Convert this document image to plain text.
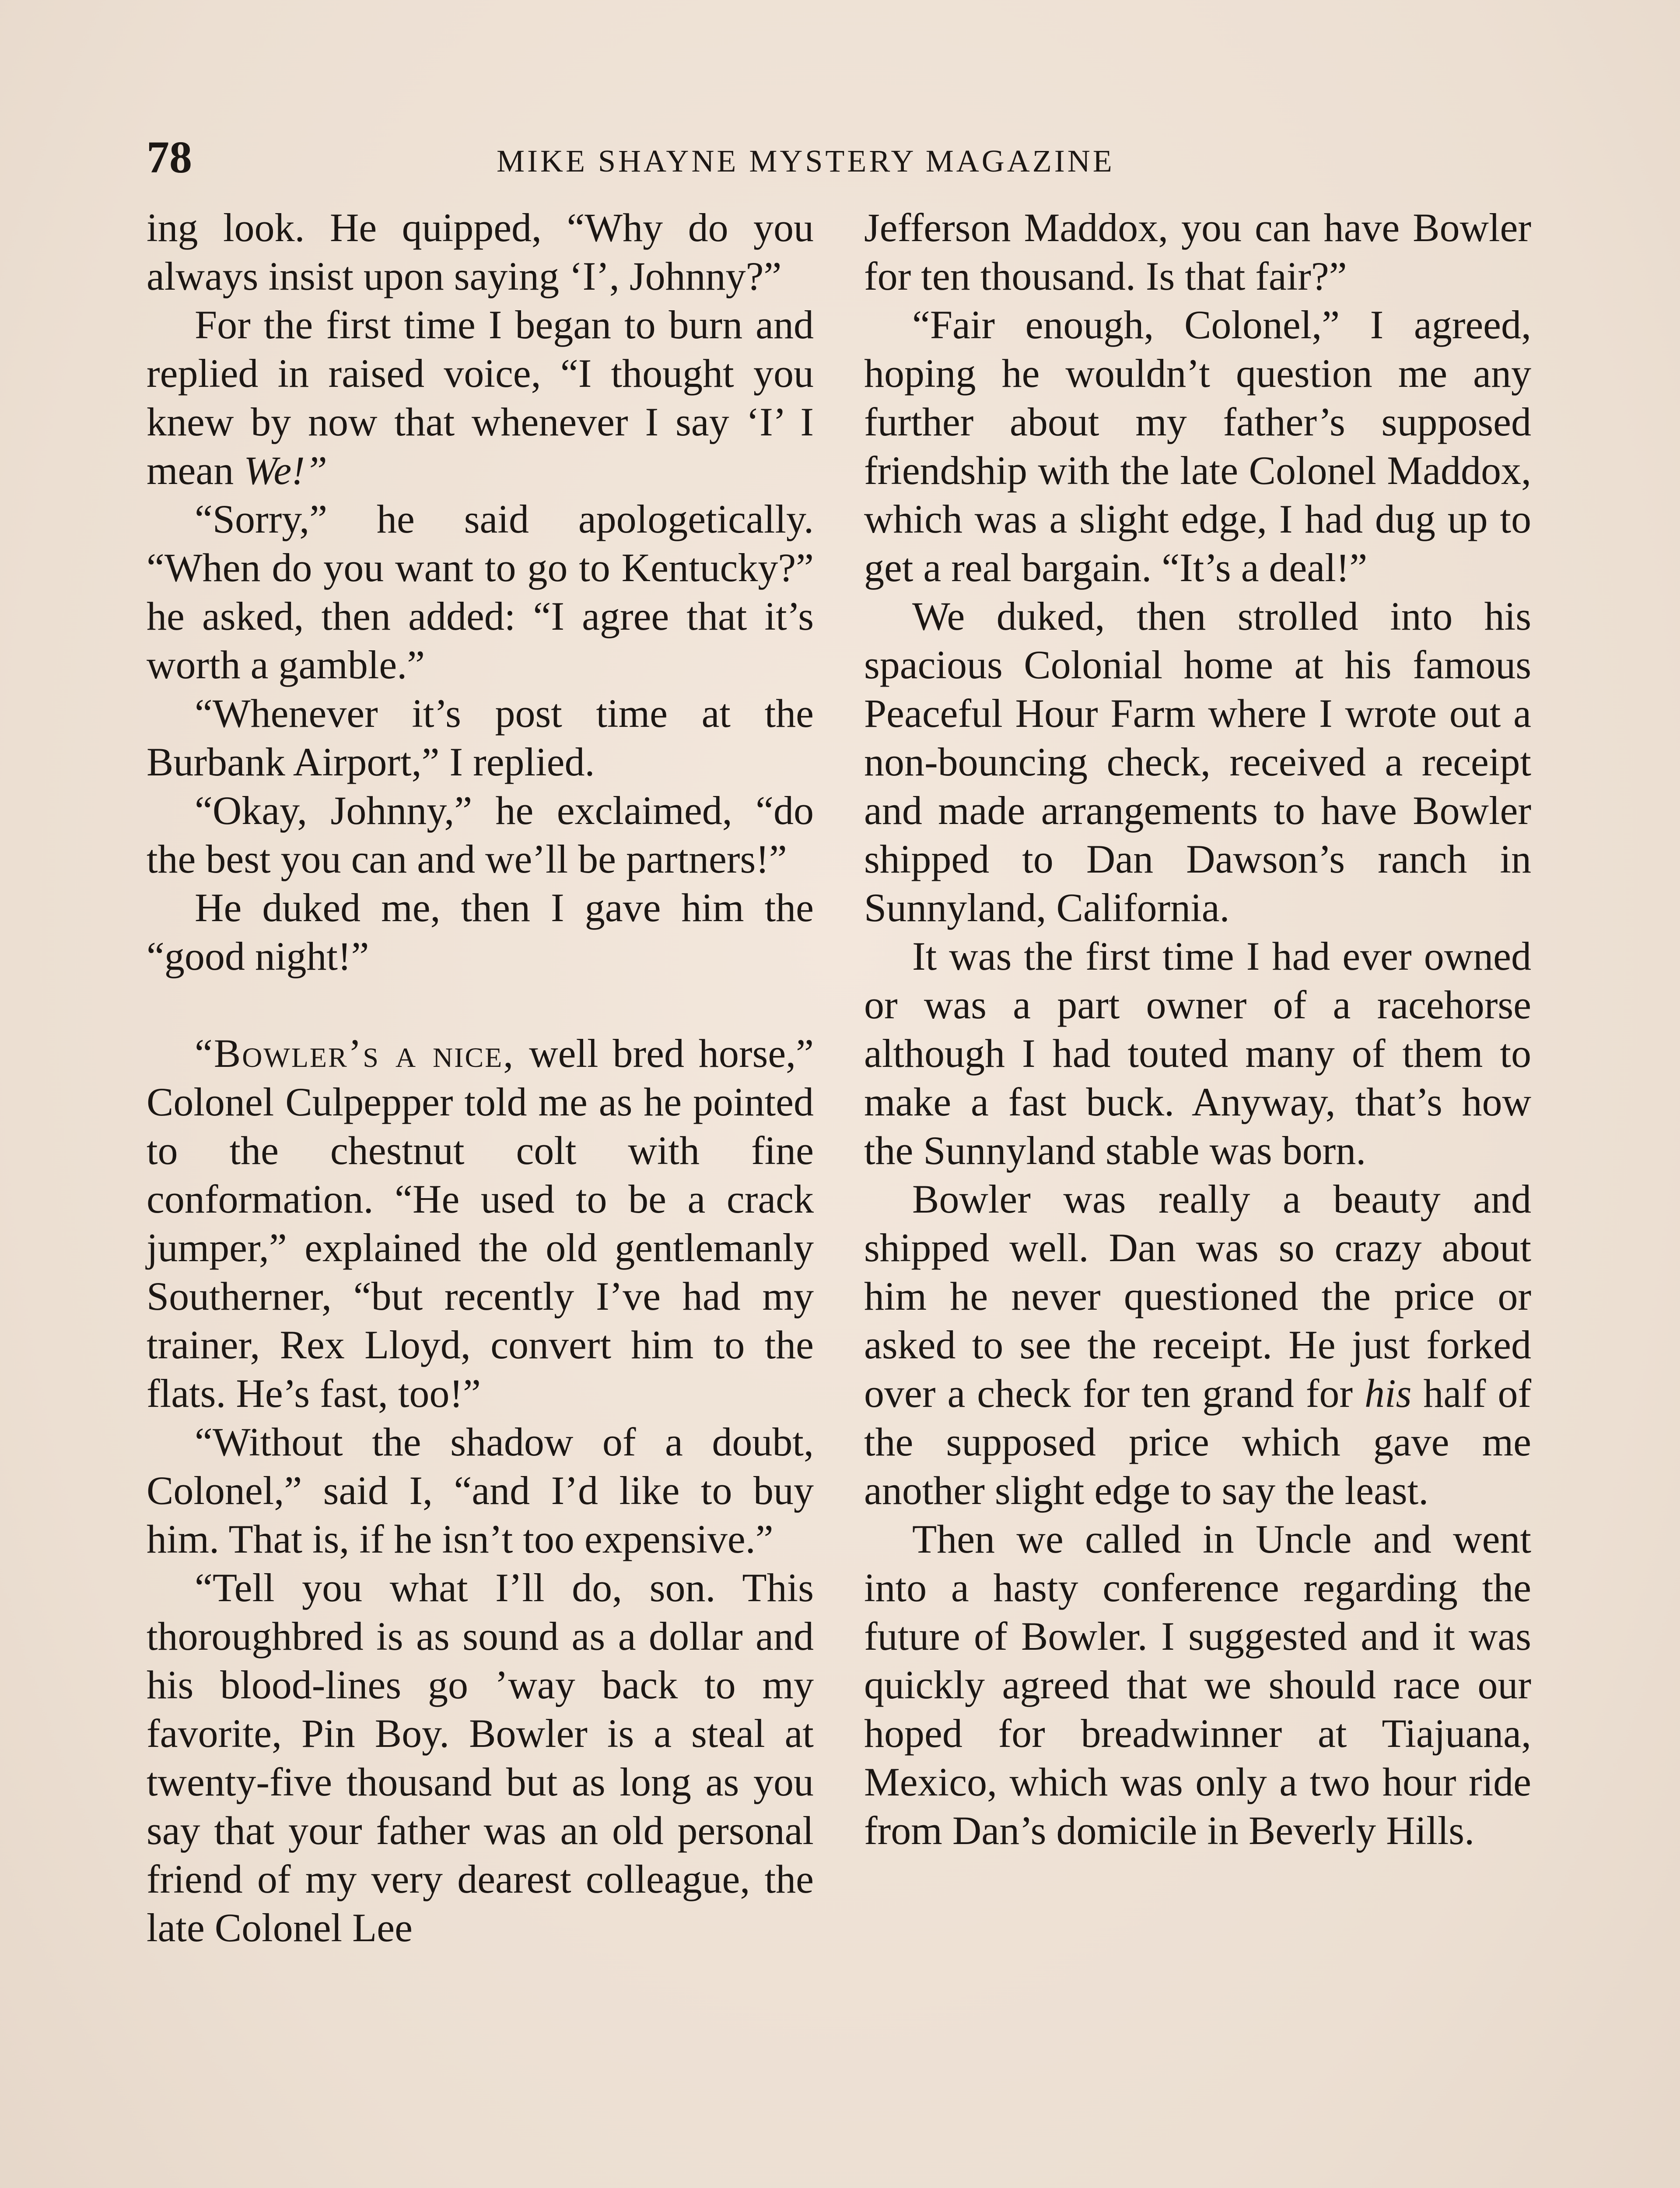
78	MIKE SHAYNE MYSTERY MAGAZINE

ing look. He quipped, “Why do you always insist upon saying ‘I’, Johnny?”

For the first time I began to burn and replied in raised voice, “I thought you knew by now that whenever I say ‘I’ I mean We!”

“Sorry,” he said apologetically. “When do you want to go to Kentucky?” he asked, then added: “I agree that it’s worth a gamble.”

“Whenever it’s post time at the Burbank Airport,” I replied.

“Okay, Johnny,” he exclaimed, “do the best you can and we’ll be partners!”

He duked me, then I gave him the “good night!”

“Bowler’s a nice, well bred horse,” Colonel Culpepper told me as he pointed to the chestnut colt with fine conformation. “He used to be a crack jumper,” explained the old gentlemanly Southerner, “but recently I’ve had my trainer, Rex Lloyd, convert him to the flats. He’s fast, too!”

“Without the shadow of a doubt, Colonel,” said I, “and I’d like to buy him. That is, if he isn’t too expensive.”

“Tell you what I’ll do, son. This thoroughbred is as sound as a dollar and his blood-lines go ’way back to my favorite, Pin Boy. Bowler is a steal at twenty-five thousand but as long as you say that your father was an old personal friend of my very dearest colleague, the late Colonel Lee

Jefferson Maddox, you can have Bowler for ten thousand. Is that fair?”

“Fair enough, Colonel,” I agreed, hoping he wouldn’t question me any further about my father’s supposed friendship with the late Colonel Maddox, which was a slight edge, I had dug up to get a real bargain. “It’s a deal!”

We duked, then strolled into his spacious Colonial home at his famous Peaceful Hour Farm where I wrote out a non-bouncing check, received a receipt and made arrangements to have Bowler shipped to Dan Dawson’s ranch in Sunnyland, California.

It was the first time I had ever owned or was a part owner of a racehorse although I had touted many of them to make a fast buck. Anyway, that’s how the Sunnyland stable was born.

Bowler was really a beauty and shipped well. Dan was so crazy about him he never questioned the price or asked to see the receipt. He just forked over a check for ten grand for his half of the supposed price which gave me another slight edge to say the least.

Then we called in Uncle and went into a hasty conference regarding the future of Bowler. I suggested and it was quickly agreed that we should race our hoped for breadwinner at Tiajuana, Mexico, which was only a two hour ride from Dan’s domicile in Beverly Hills.
